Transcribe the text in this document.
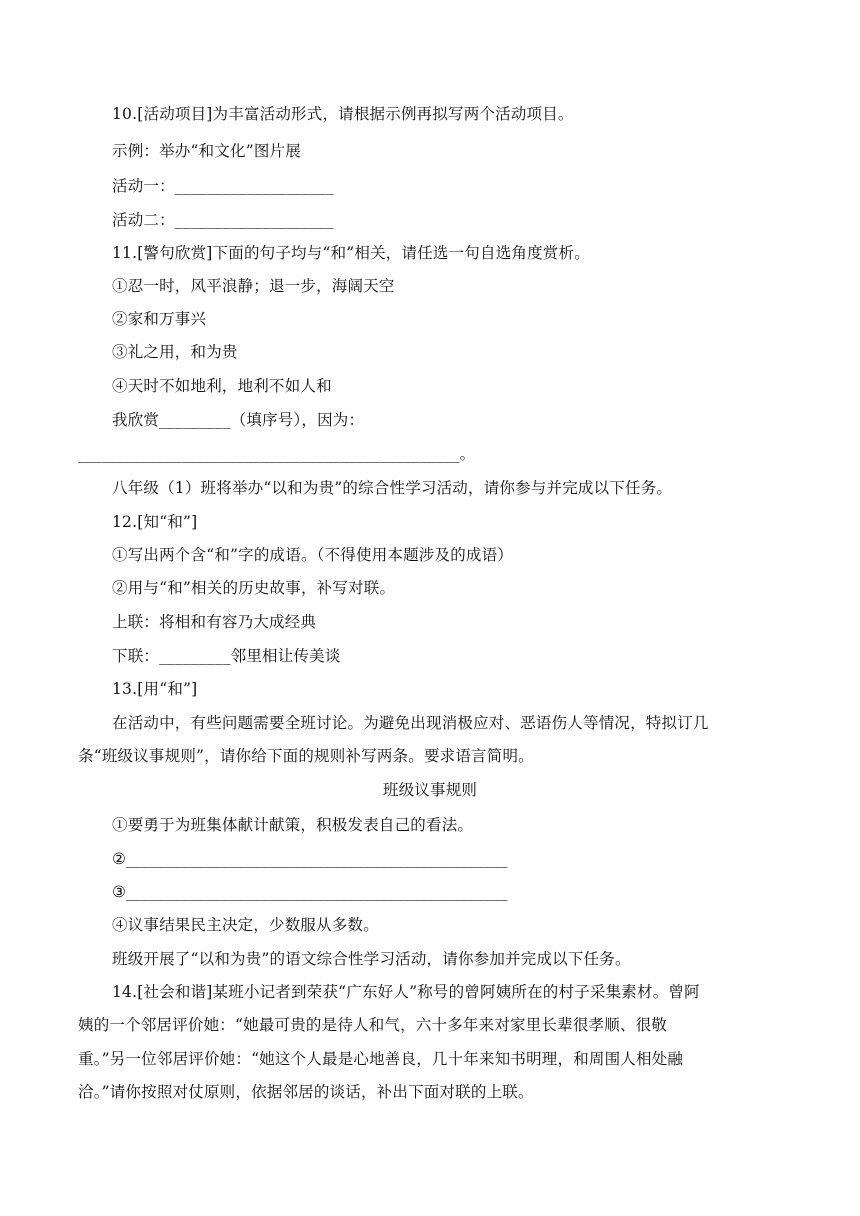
10.[活动项目]为丰富活动形式，请根据示例再拟写两个活动项目。
示例：举办“和文化”图片展
活动一：____________________
活动二：____________________
11.[警句欣赏]下面的句子均与“和”相关，请任选一句自选角度赏析。
①忍一时，风平浪静；退一步，海阔天空
②家和万事兴
③礼之用，和为贵
④天时不如地利，地利不如人和
我欣赏_________（填序号），因为：
________________________________________________。
八年级（1）班将举办“以和为贵”的综合性学习活动，请你参与并完成以下任务。
12.[知“和”]
①写出两个含“和”字的成语。（不得使用本题涉及的成语）
②用与“和”相关的历史故事，补写对联。
上联：将相和有容乃大成经典
下联：_________邻里相让传美谈
13.[用“和”]
在活动中，有些问题需要全班讨论。为避免出现消极应对、恶语伤人等情况，特拟订几
条“班级议事规则”，请你给下面的规则补写两条。要求语言简明。
班级议事规则
①要勇于为班集体献计献策，积极发表自己的看法。
②________________________________________________
③________________________________________________
④议事结果民主决定，少数服从多数。
班级开展了“以和为贵”的语文综合性学习活动，请你参加并完成以下任务。
14.[社会和谐]某班小记者到荣获“广东好人”称号的曾阿姨所在的村子采集素材。曾阿
姨的一个邻居评价她：“她最可贵的是待人和气，六十多年来对家里长辈很孝顺、很敬
重。”另一位邻居评价她：“她这个人最是心地善良，几十年来知书明理，和周围人相处融
洽。”请你按照对仗原则，依据邻居的谈话，补出下面对联的上联。
